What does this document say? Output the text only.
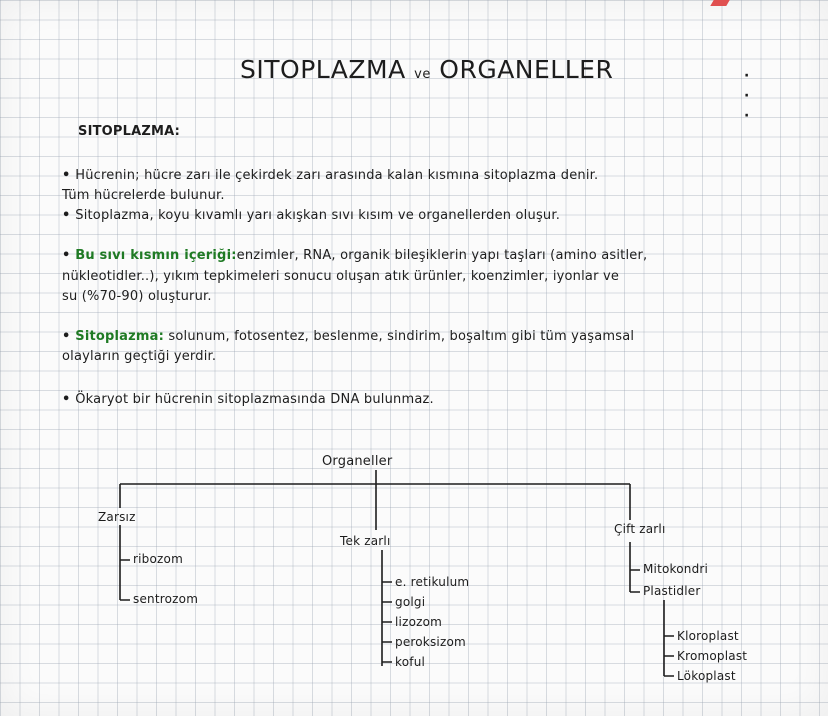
SITOPLAZMA ve ORGANELLER	·
·
·
SITOPLAZMA:
• Hücrenin; hücre zarı ile çekirdek zarı arasında kalan kısmına sitoplazma denir.
Tüm hücrelerde bulunur.
• Sitoplazma, koyu kıvamlı yarı akışkan sıvı kısım ve organellerden oluşur.
• Bu sıvı kısmın içeriği:enzimler, RNA, organik bileşiklerin yapı taşları (amino asitler,
nükleotidler..), yıkım tepkimeleri sonucu oluşan atık ürünler, koenzimler, iyonlar ve
su (%70-90) oluşturur.
• Sitoplazma: solunum, fotosentez, beslenme, sindirim, boşaltım gibi tüm yaşamsal
olayların geçtiği yerdir.
• Ökaryot bir hücrenin sitoplazmasında DNA bulunmaz.
Organeller
Zarsız
ribozom
sentrozom
Tek zarlı
e. retikulum
golgi
lizozom
peroksizom
koful
Çift zarlı
Mitokondri
Plastidler
Kloroplast
Kromoplast
Lökoplast
